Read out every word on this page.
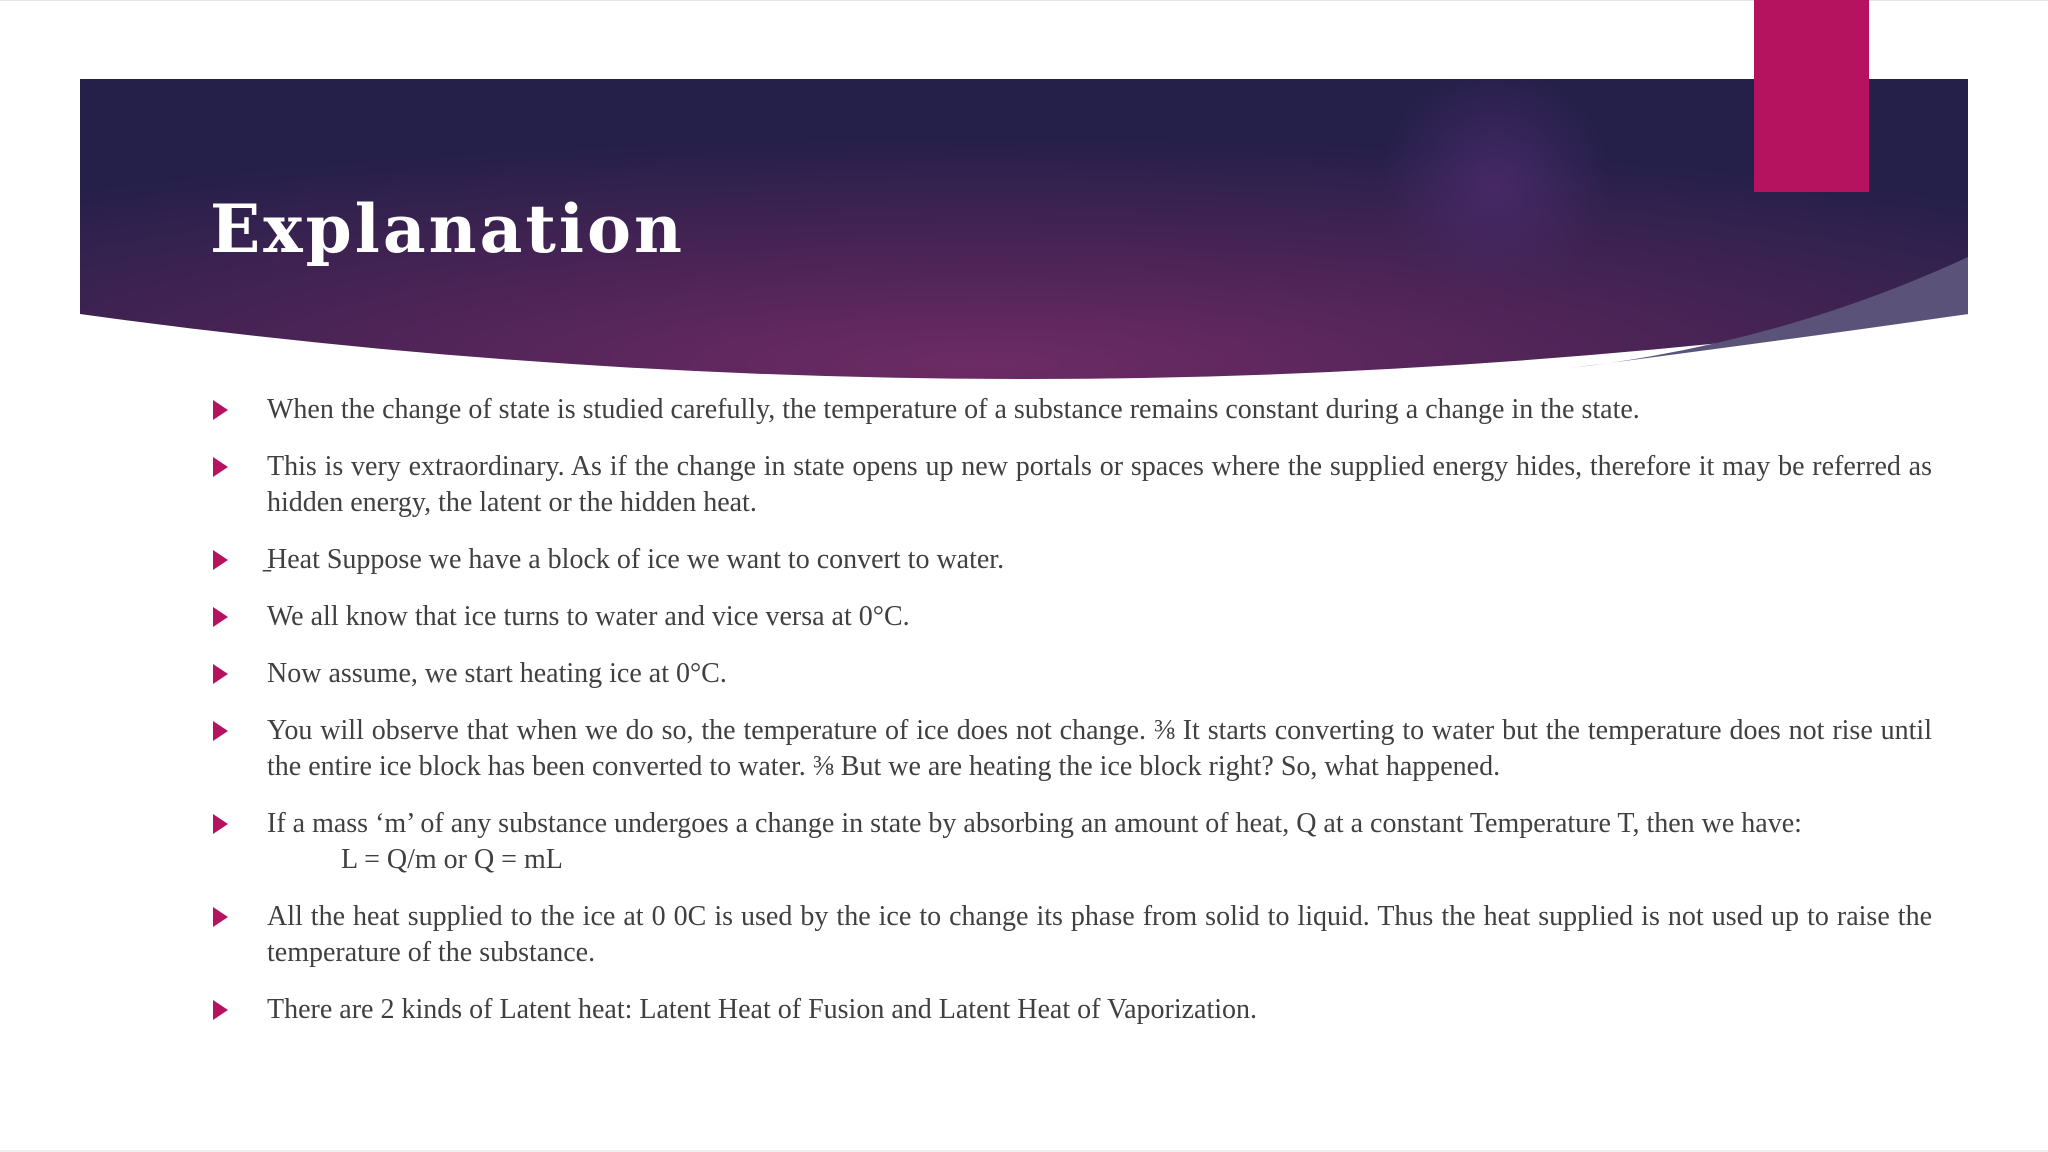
Explanation
When the change of state is studied carefully, the temperature of a substance remains constant during a change in the state.
This is very extraordinary. As if the change in state opens up new portals or spaces where the supplied energy hides, therefore it may be referred as hidden energy, the latent or the hidden heat.
̱Heat Suppose we have a block of ice we want to convert to water.
We all know that ice turns to water and vice versa at 0°C.
Now assume, we start heating ice at 0°C.
You will observe that when we do so, the temperature of ice does not change. ⅜ It starts converting to water but the temperature does not rise until the entire ice block has been converted to water. ⅜ But we are heating the ice block right? So, what happened.
If a mass ‘m’ of any substance undergoes a change in state by absorbing an amount of heat, Q at a constant Temperature T, then we have:
L = Q/m or Q = mL
All the heat supplied to the ice at 0 0C is used by the ice to change its phase from solid to liquid. Thus the heat supplied is not used up to raise the temperature of the substance.
There are 2 kinds of Latent heat: Latent Heat of Fusion and Latent Heat of Vaporization.
